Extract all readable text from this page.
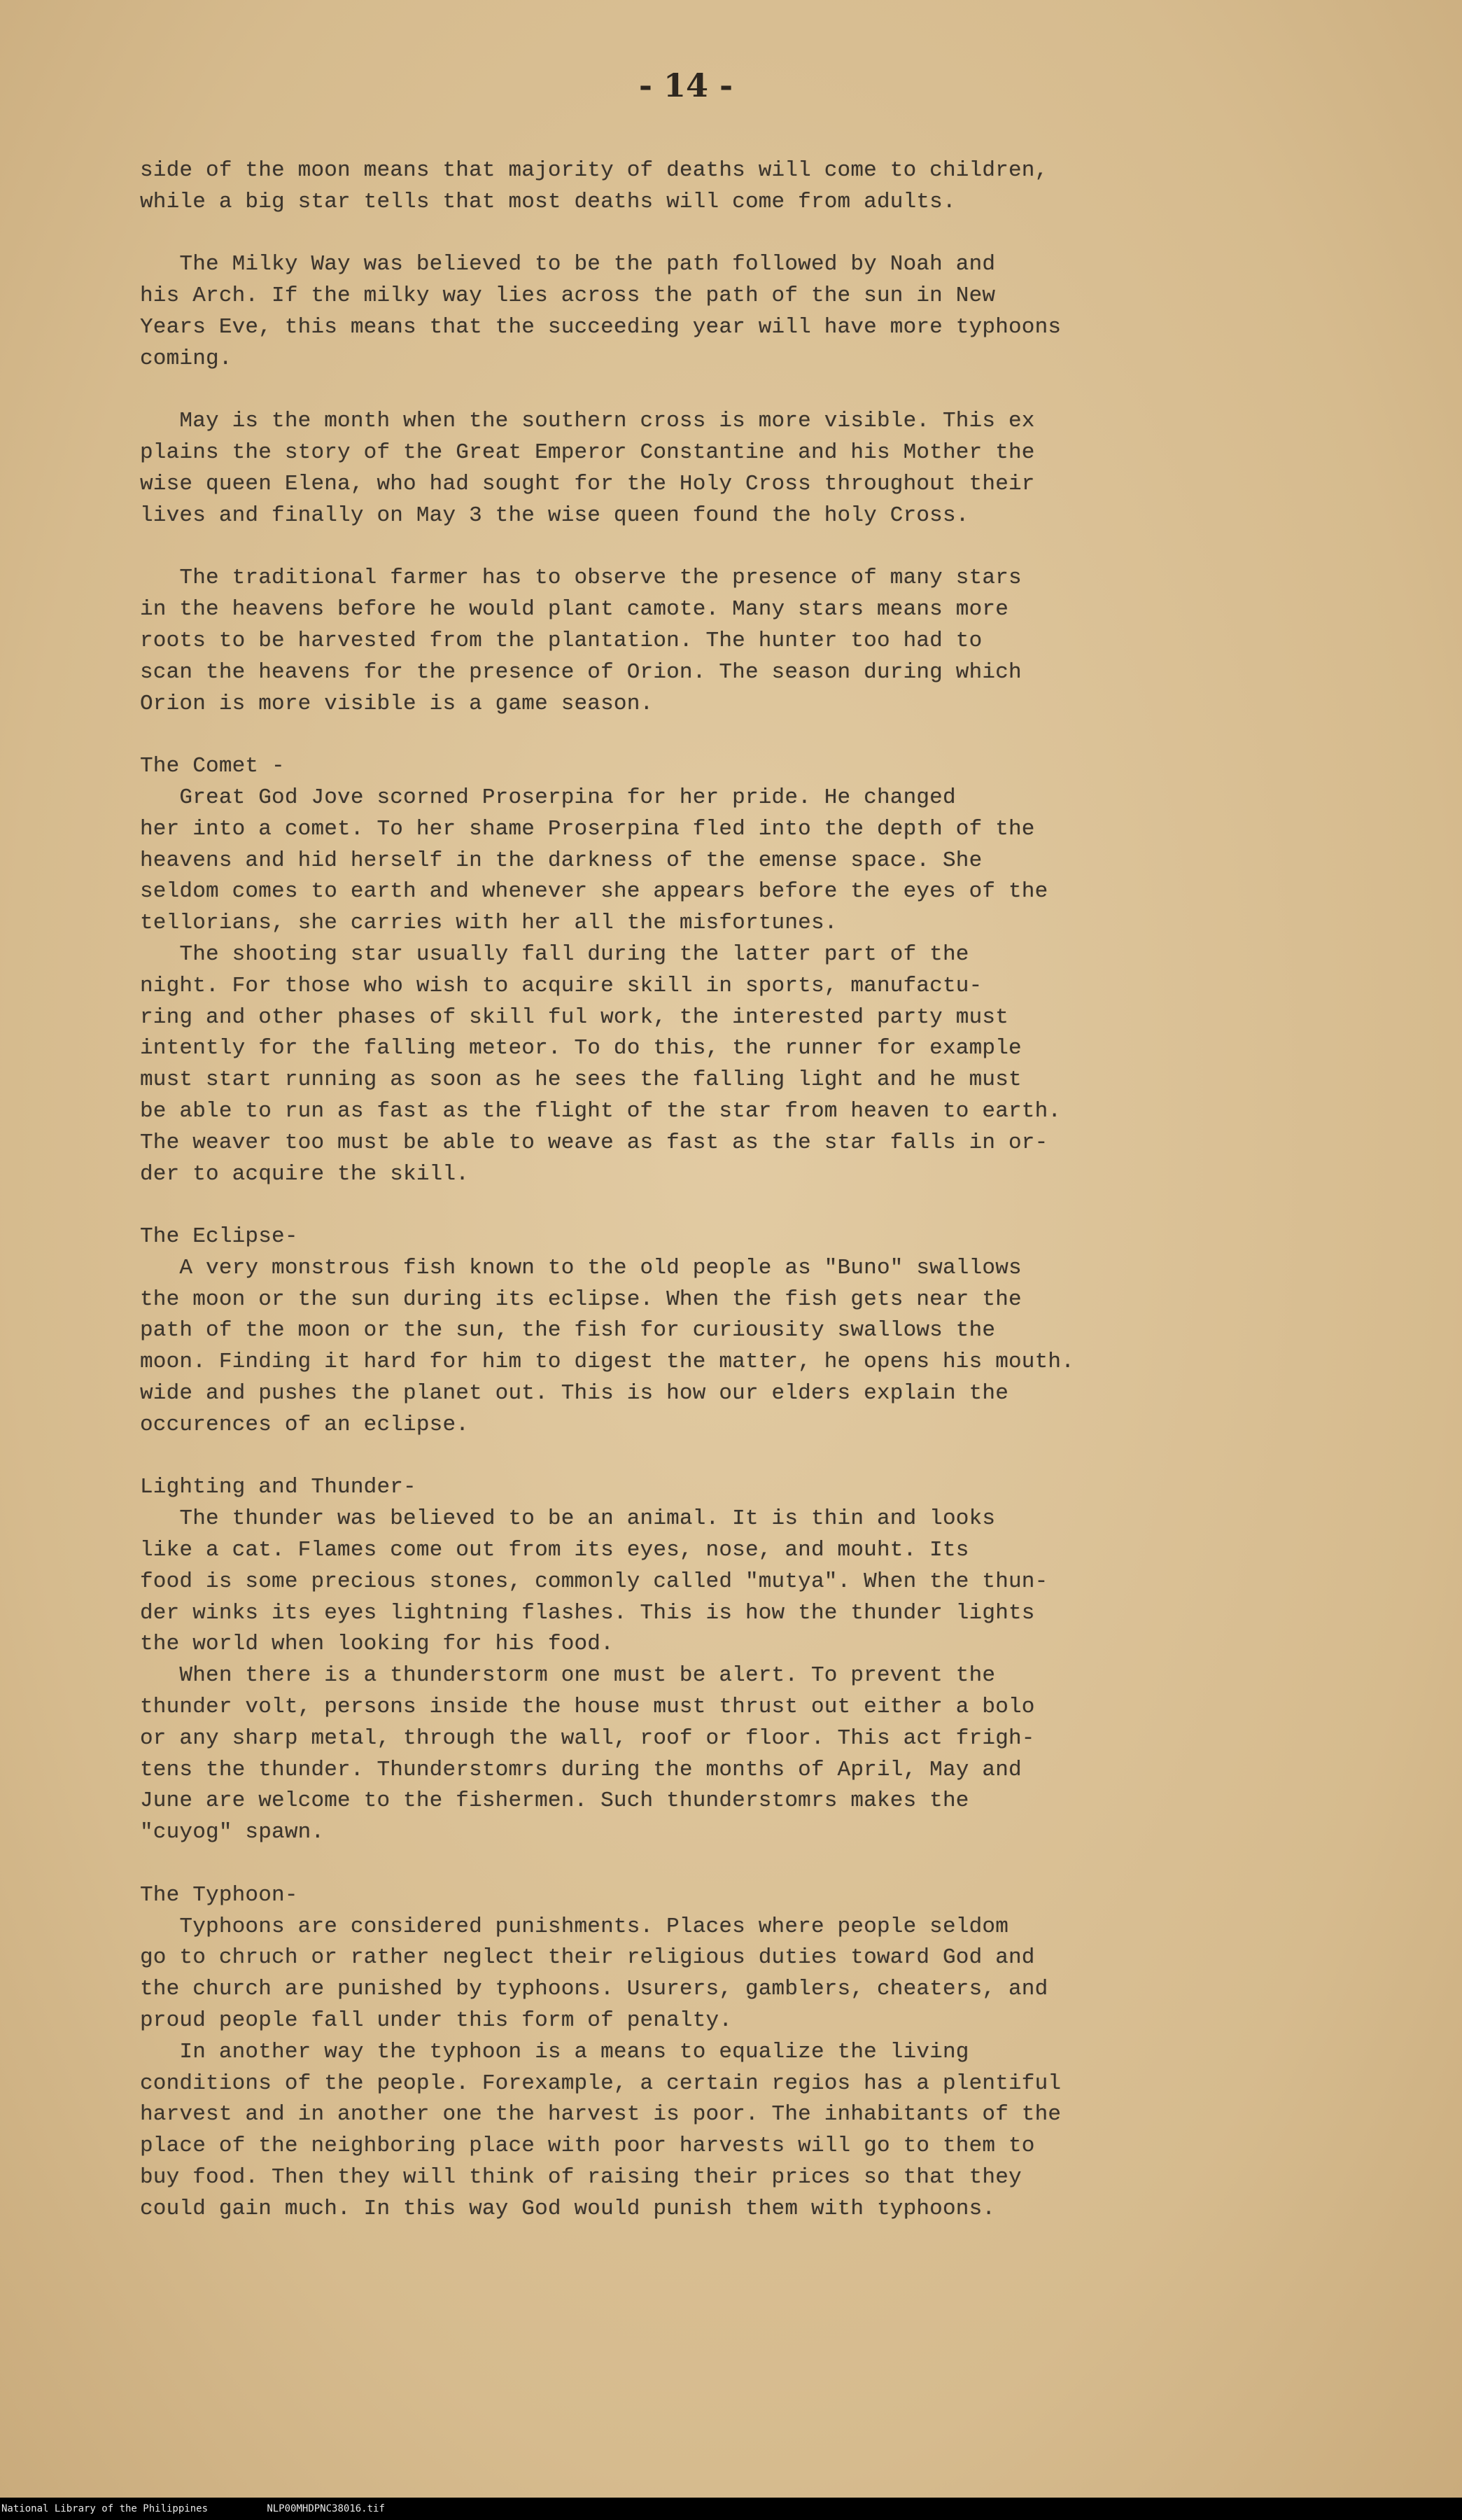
- 14 -
side of the moon means that majority of deaths will come to children,
while a big star tells that most deaths will come from adults.
The Milky Way was believed to be the path followed by Noah and
his Arch. If the milky way lies across the path of the sun in New
Years Eve, this means that the succeeding year will have more typhoons
coming.
May is the month when the southern cross is more visible. This ex
plains the story of the Great Emperor Constantine and his Mother the
wise queen Elena, who had sought for the Holy Cross throughout their
lives and finally on May 3 the wise queen found the holy Cross.
The traditional farmer has to observe the presence of many stars
in the heavens before he would plant camote. Many stars means more
roots to be harvested from the plantation. The hunter too had to
scan the heavens for the presence of Orion. The season during which
Orion is more visible is a game season.
The Comet -
Great God Jove scorned Proserpina for her pride. He changed
her into a comet. To her shame Proserpina fled into the depth of the
heavens and hid herself in the darkness of the emense space. She
seldom comes to earth and whenever she appears before the eyes of the
tellorians, she carries with her all the misfortunes.
The shooting star usually fall during the latter part of the
night. For those who wish to acquire skill in sports, manufactu-
ring and other phases of skill ful work, the interested party must
intently for the falling meteor. To do this, the runner for example
must start running as soon as he sees the falling light and he must
be able to run as fast as the flight of the star from heaven to earth.
The weaver too must be able to weave as fast as the star falls in or-
der to acquire the skill.
The Eclipse-
A very monstrous fish known to the old people as "Buno" swallows
the moon or the sun during its eclipse. When the fish gets near the
path of the moon or the sun, the fish for curiousity swallows the
moon. Finding it hard for him to digest the matter, he opens his mouth.
wide and pushes the planet out. This is how our elders explain the
occurences of an eclipse.
Lighting and Thunder-
The thunder was believed to be an animal. It is thin and looks
like a cat. Flames come out from its eyes, nose, and mouht. Its
food is some precious stones, commonly called "mutya". When the thun-
der winks its eyes lightning flashes. This is how the thunder lights
the world when looking for his food.
When there is a thunderstorm one must be alert. To prevent the
thunder volt, persons inside the house must thrust out either a bolo
or any sharp metal, through the wall, roof or floor. This act frigh-
tens the thunder. Thunderstomrs during the months of April, May and
June are welcome to the fishermen. Such thunderstomrs makes the
"cuyog" spawn.
The Typhoon-
Typhoons are considered punishments. Places where people seldom
go to chruch or rather neglect their religious duties toward God and
the church are punished by typhoons. Usurers, gamblers, cheaters, and
proud people fall under this form of penalty.
In another way the typhoon is a means to equalize the living
conditions of the people. Forexample, a certain regios has a plentiful
harvest and in another one the harvest is poor. The inhabitants of the
place of the neighboring place with poor harvests will go to them to
buy food. Then they will think of raising their prices so that they
could gain much. In this way God would punish them with typhoons.
National Library of the Philippines	NLP00MHDPNC38016.tif
